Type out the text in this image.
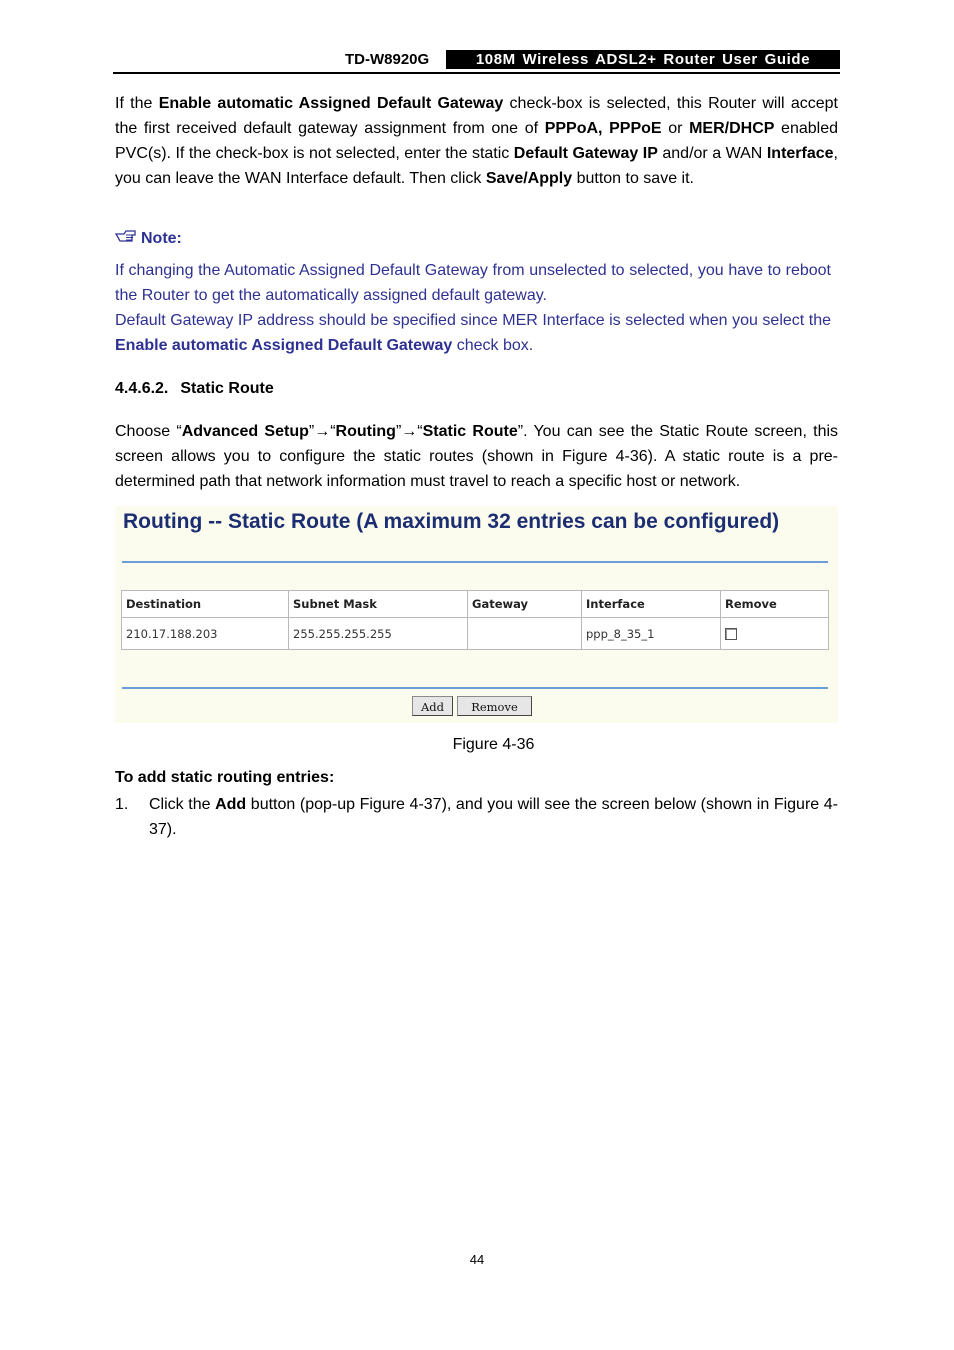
TD-W8920G	108M Wireless ADSL2+ Router User Guide
If the Enable automatic Assigned Default Gateway check-box is selected, this Router will accept the first received default gateway assignment from one of PPPoA, PPPoE or MER/DHCP enabled PVC(s). If the check-box is not selected, enter the static Default Gateway IP and/or a WAN Interface, you can leave the WAN Interface default. Then click Save/Apply button to save it.
Note:
If changing the Automatic Assigned Default Gateway from unselected to selected, you have to reboot the Router to get the automatically assigned default gateway.
Default Gateway IP address should be specified since MER Interface is selected when you select the Enable automatic Assigned Default Gateway check box.
4.4.6.2. Static Route
Choose “Advanced Setup”→“Routing”→“Static Route”. You can see the Static Route screen, this screen allows you to configure the static routes (shown in Figure 4-36). A static route is a pre-determined path that network information must travel to reach a specific host or network.
Routing -- Static Route (A maximum 32 entries can be configured)
Destination	Subnet Mask	Gateway	Interface	Remove
210.17.188.203	255.255.255.255		ppp_8_35_1	
Add	Remove
Figure 4-36
To add static routing entries:
1. Click the Add button (pop-up Figure 4-37), and you will see the screen below (shown in Figure 4-37).
44
